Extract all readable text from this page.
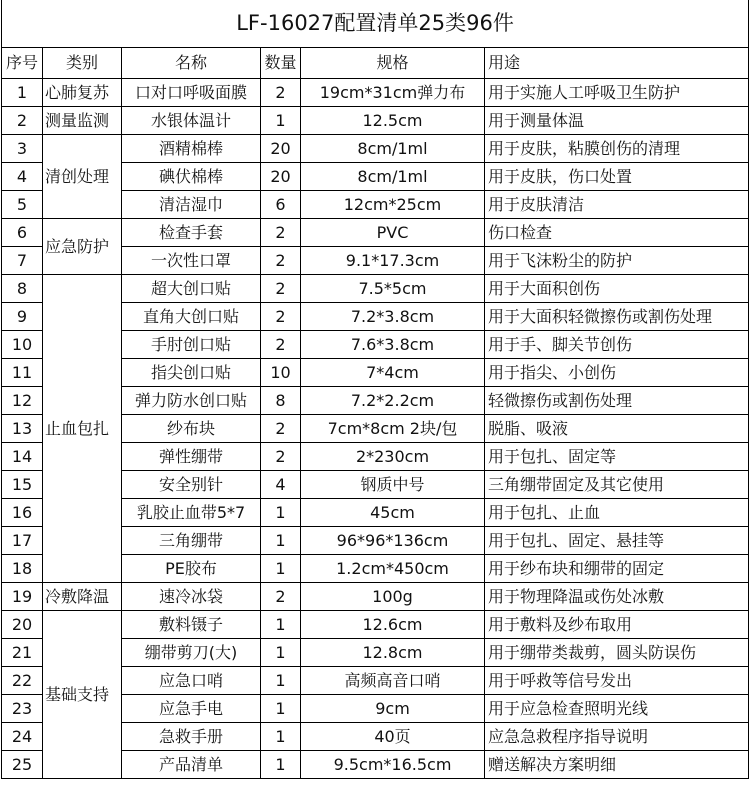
LF-16027配置清单25类96件					
序号	类别	名称	数量	规格	用途
1	心肺复苏	口对口呼吸面膜	2	19cm*31cm弹力布	用于实施人工呼吸卫生防护
2	测量监测	水银体温计	1	12.5cm	用于测量体温
3	清创处理	酒精棉棒	20	8cm/1ml	用于皮肤，粘膜创伤的清理
4		碘伏棉棒	20	8cm/1ml	用于皮肤，伤口处置
5		清洁湿巾	6	12cm*25cm	用于皮肤清洁
6	应急防护	检查手套	2	PVC	伤口检查
7		一次性口罩	2	9.1*17.3cm	用于飞沫粉尘的防护
8	止血包扎	超大创口贴	2	7.5*5cm	用于大面积创伤
9		直角大创口贴	2	7.2*3.8cm	用于大面积轻微擦伤或割伤处理
10		手肘创口贴	2	7.6*3.8cm	用于手、脚关节创伤
11		指尖创口贴	10	7*4cm	用于指尖、小创伤
12		弹力防水创口贴	8	7.2*2.2cm	轻微擦伤或割伤处理
13		纱布块	2	7cm*8cm 2块/包	脱脂、吸液
14		弹性绷带	2	2*230cm	用于包扎、固定等
15		安全别针	4	钢质中号	三角绷带固定及其它使用
16		乳胶止血带5*7	1	45cm	用于包扎、止血
17		三角绷带	1	96*96*136cm	用于包扎、固定、悬挂等
18		PE胶布	1	1.2cm*450cm	用于纱布块和绷带的固定
19	冷敷降温	速冷冰袋	2	100g	用于物理降温或伤处冰敷
20	基础支持	敷料镊子	1	12.6cm	用于敷料及纱布取用
21		绷带剪刀(大)	1	12.8cm	用于绷带类裁剪，圆头防误伤
22		应急口哨	1	高频高音口哨	用于呼救等信号发出
23		应急手电	1	9cm	用于应急检查照明光线
24		急救手册	1	40页	应急急救程序指导说明
25		产品清单	1	9.5cm*16.5cm	赠送解决方案明细
